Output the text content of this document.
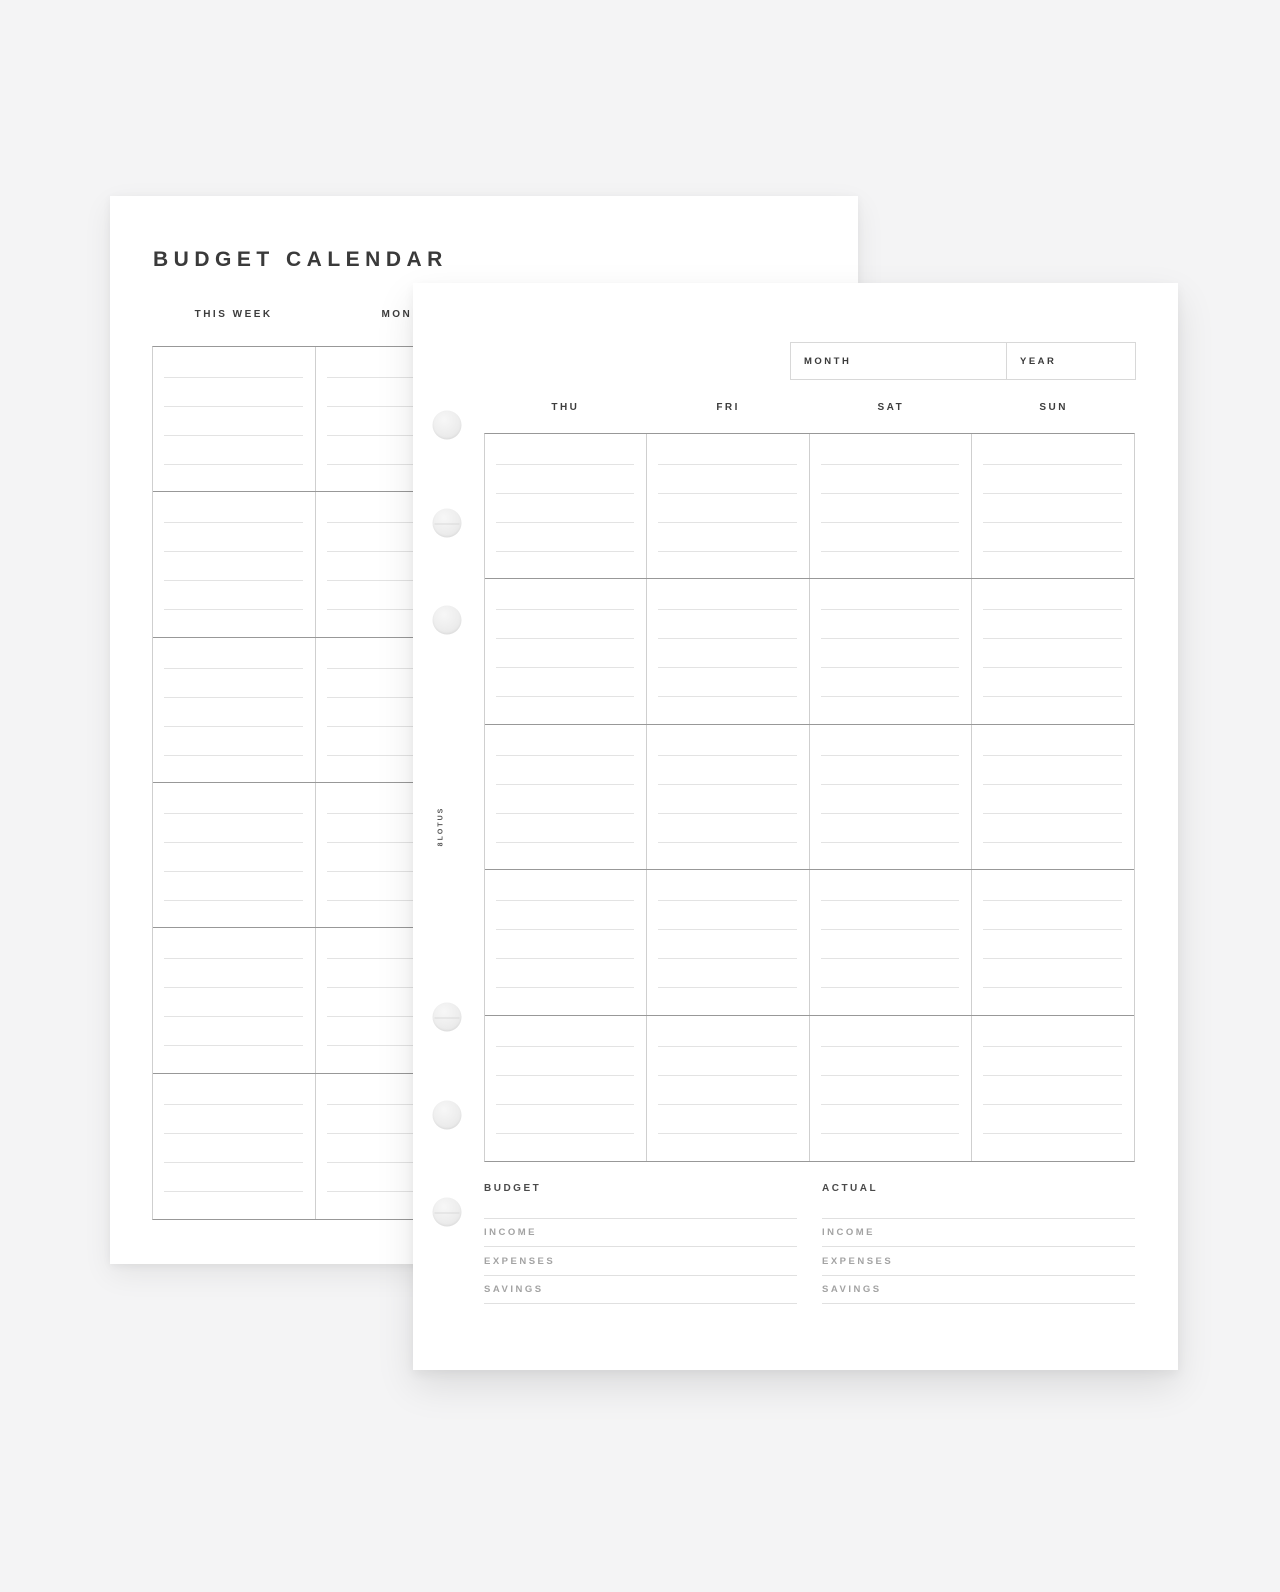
BUDGET CALENDAR
THIS WEEK	MON
MONTH	YEAR
THU	FRI	SAT	SUN
BUDGET
INCOME
EXPENSES
SAVINGS
ACTUAL
INCOME
EXPENSES
SAVINGS
8LOTUS
